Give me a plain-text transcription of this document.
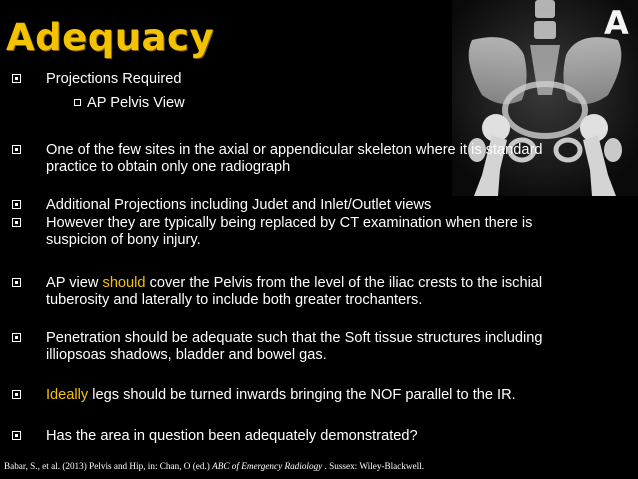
A
Adequacy
Projections Required
AP Pelvis View
One of the few sites in the axial or appendicular skeleton where it is standard
practice to obtain only one radiograph
Additional Projections including Judet and Inlet/Outlet views
However they are typically being replaced by CT examination when there is
suspicion of bony injury.
AP view should cover the Pelvis from the level of the iliac crests to the ischial
tuberosity and laterally to include both greater trochanters.
Penetration should be adequate such that the Soft tissue structures including
illiopsoas shadows, bladder and bowel gas.
Ideally legs should be turned inwards bringing the NOF parallel to the IR.
Has the area in question been adequately demonstrated?
Babar, S., et al. (2013) Pelvis and Hip, in: Chan, O (ed.) ABC of Emergency Radiology . Sussex: Wiley-Blackwell.
